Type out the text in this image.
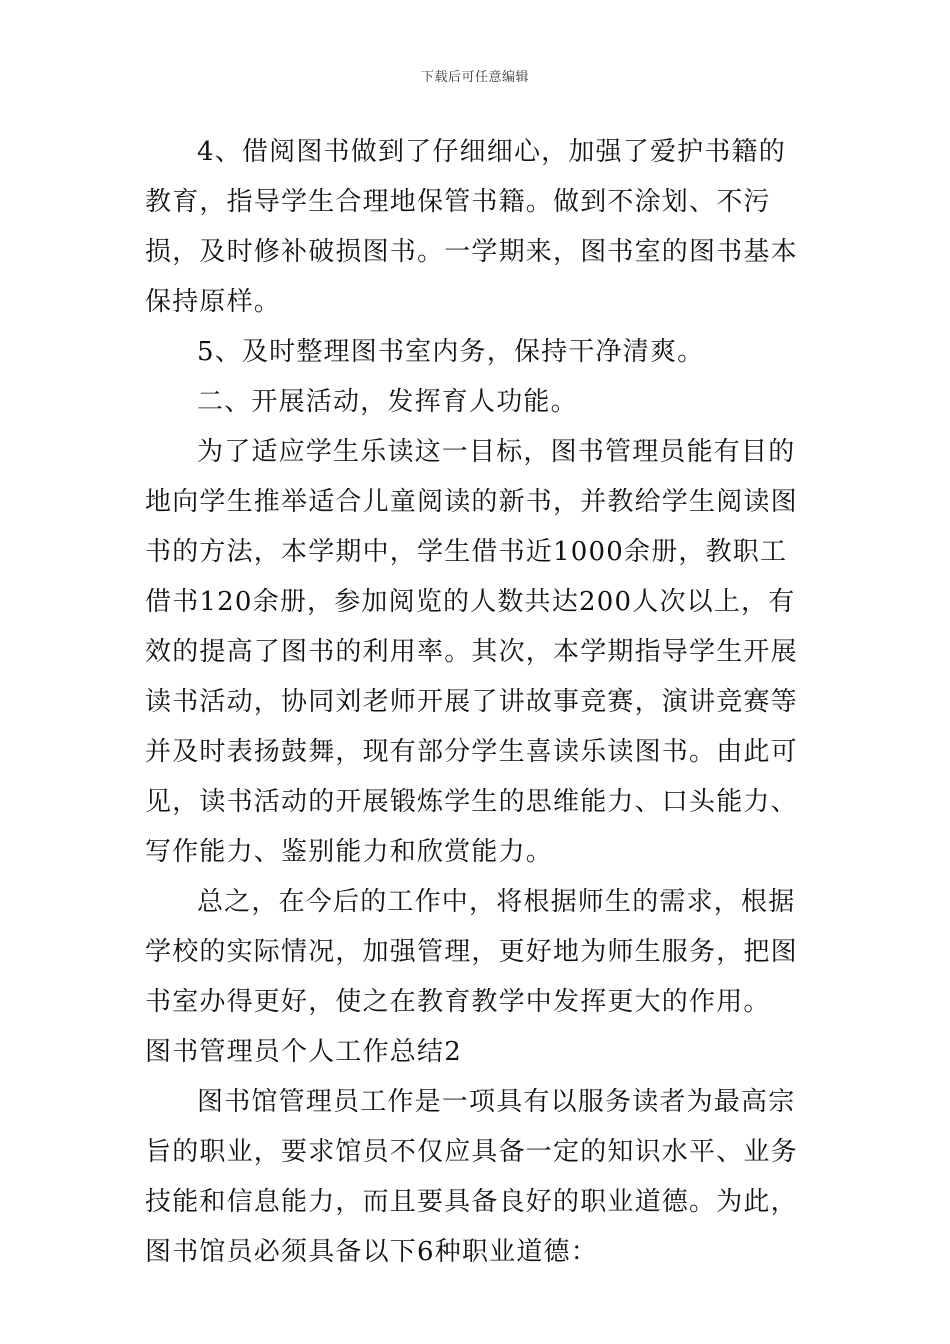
下载后可任意编辑

4、借阅图书做到了仔细细心，加强了爱护书籍的教育，指导学生合理地保管书籍。做到不涂划、不污损，及时修补破损图书。一学期来，图书室的图书基本保持原样。

5、及时整理图书室内务，保持干净清爽。

二、开展活动，发挥育人功能。

为了适应学生乐读这一目标，图书管理员能有目的地向学生推举适合儿童阅读的新书，并教给学生阅读图书的方法，本学期中，学生借书近1000余册，教职工借书120余册，参加阅览的人数共达200人次以上，有效的提高了图书的利用率。其次，本学期指导学生开展读书活动，协同刘老师开展了讲故事竞赛，演讲竞赛等并及时表扬鼓舞，现有部分学生喜读乐读图书。由此可见，读书活动的开展锻炼学生的思维能力、口头能力、写作能力、鉴别能力和欣赏能力。

总之，在今后的工作中，将根据师生的需求，根据学校的实际情况，加强管理，更好地为师生服务，把图书室办得更好，使之在教育教学中发挥更大的作用。

图书管理员个人工作总结2

图书馆管理员工作是一项具有以服务读者为最高宗旨的职业，要求馆员不仅应具备一定的知识水平、业务技能和信息能力，而且要具备良好的职业道德。为此，图书馆员必须具备以下6种职业道德：
